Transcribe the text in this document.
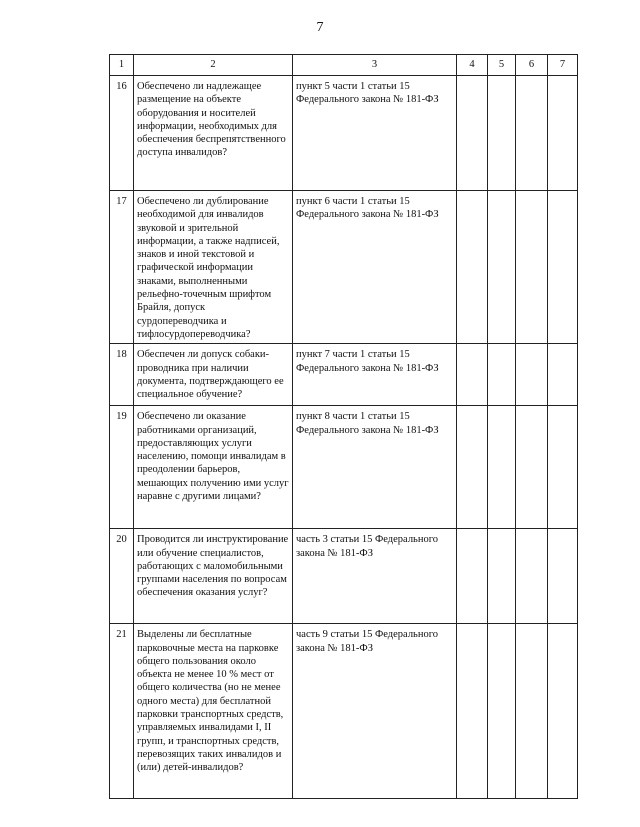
7
1	2	3	4	5	6	7
16	Обеспечено ли надлежащее размещение на объекте оборудования и носителей информации, необходимых для обеспечения беспрепятственного доступа инвалидов?	пункт 5 части 1 статьи 15 Федерального закона № 181-ФЗ				
17	Обеспечено ли дублирование необходимой для инвалидов звуковой и зрительной информации, а также надписей, знаков и иной текстовой и графической информации знаками, выполненными рельефно-точечным шрифтом Брайля, допуск сурдопереводчика и тифлосурдопереводчика?	пункт 6 части 1 статьи 15 Федерального закона № 181-ФЗ				
18	Обеспечен ли допуск собаки-проводника при наличии документа, подтверждающего ее специальное обучение?	пункт 7 части 1 статьи 15 Федерального закона № 181-ФЗ				
19	Обеспечено ли оказание работниками организаций, предоставляющих услуги населению, помощи инвалидам в преодолении барьеров, мешающих получению ими услуг наравне с другими лицами?	пункт 8 части 1 статьи 15 Федерального закона № 181-ФЗ				
20	Проводится ли инструктирование или обучение специалистов, работающих с маломобильными группами населения по вопросам обеспечения оказания услуг?	часть 3 статьи 15 Федерального закона № 181-ФЗ				
21	Выделены ли бесплатные парковочные места на парковке общего пользования около объекта не менее 10 % мест от общего количества (но не менее одного места) для бесплатной парковки транспортных средств, управляемых инвалидами I, II групп, и транспортных средств, перевозящих таких инвалидов и (или) детей-инвалидов?	часть 9 статьи 15 Федерального закона № 181-ФЗ				
